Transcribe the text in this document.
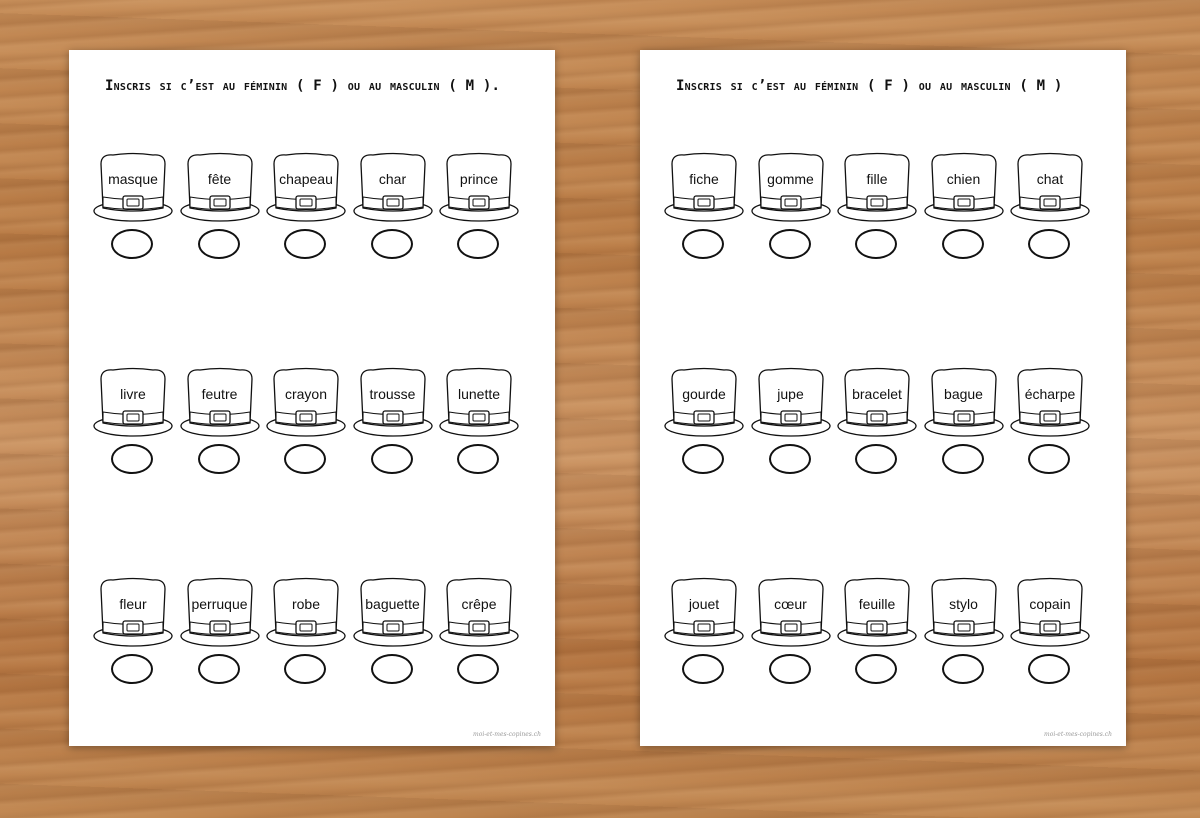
Inscris si c’est au féminin ( F ) ou au masculin ( M ).
masque	fête	chapeau	char	prince
livre	feutre	crayon	trousse	lunette
fleur	perruque	robe	baguette	crêpe
moi-et-mes-copines.ch
Inscris si c’est au féminin ( F ) ou au masculin ( M )
fiche	gomme	fille	chien	chat
gourde	jupe	bracelet	bague	écharpe
jouet	cœur	feuille	stylo	copain
moi-et-mes-copines.ch
